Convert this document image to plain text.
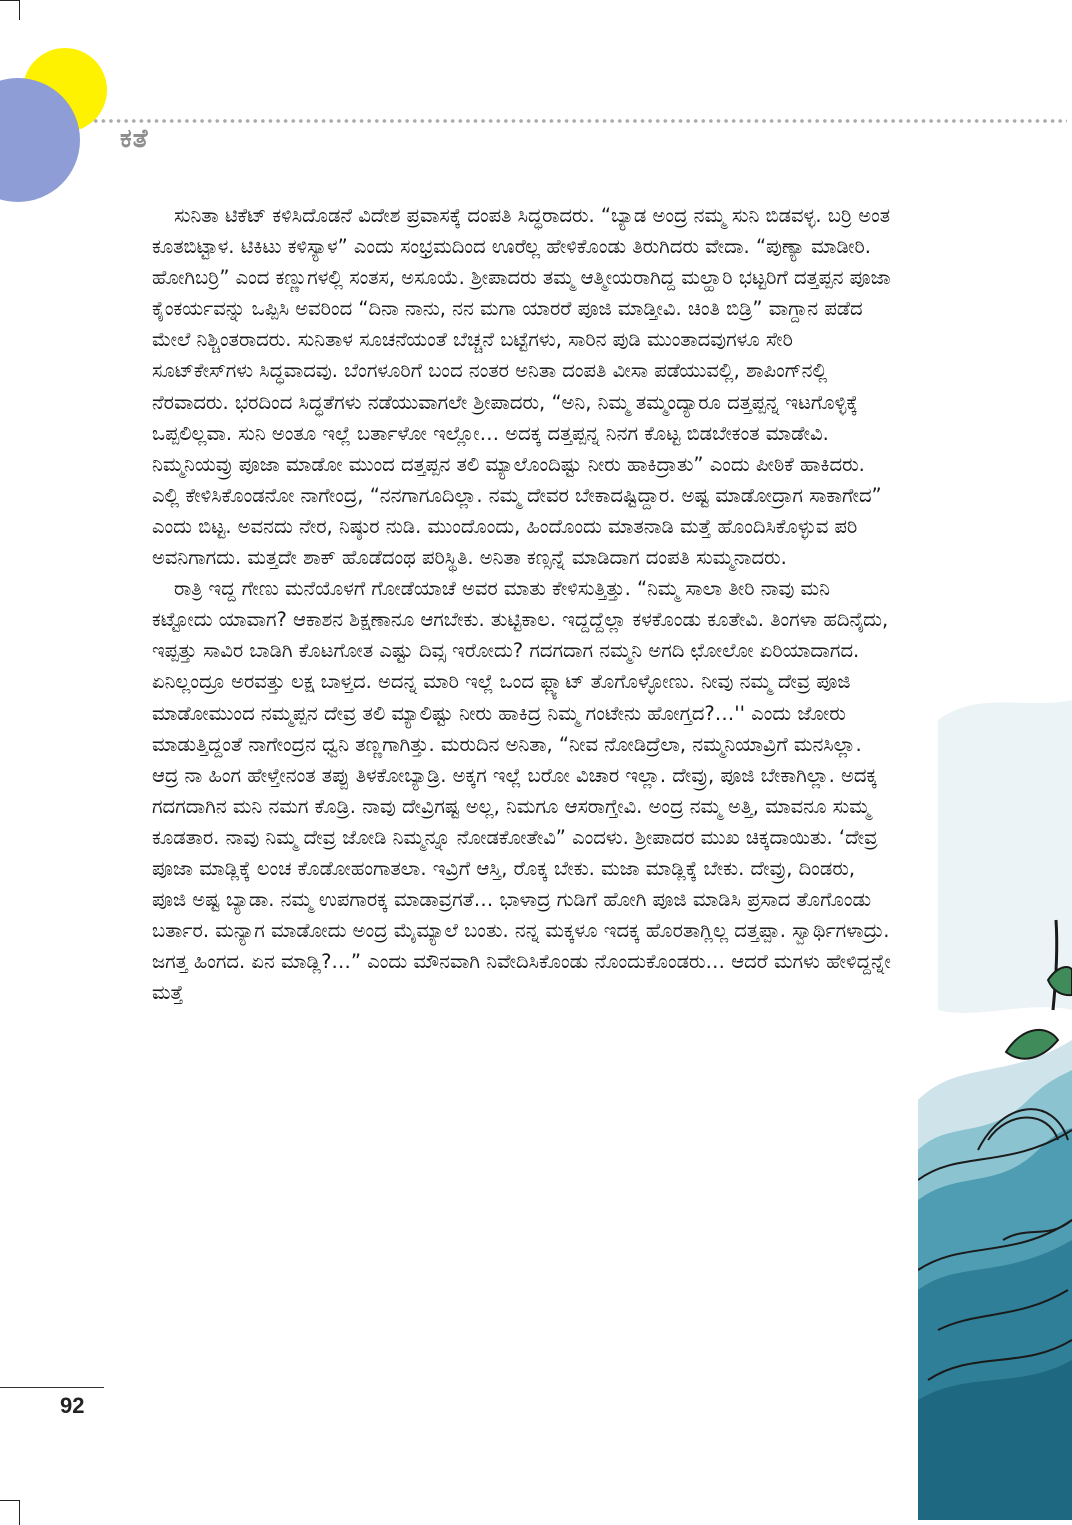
ಕತೆ

ಸುನಿತಾ ಟಿಕೆಟ್ ಕಳಿಸಿದೊಡನೆ ವಿದೇಶ ಪ್ರವಾಸಕ್ಕೆ ದಂಪತಿ ಸಿದ್ಧರಾದರು. “ಬ್ಯಾಡ ಅಂದ್ರ ನಮ್ಮ ಸುನಿ ಬಿಡವಳ್ಳ. ಬರ್ರಿ ಅಂತ ಕೂತಬಿಟ್ಟಾಳ. ಟಿಕಿಟು ಕಳಿಸ್ಯಾಳ” ಎಂದು ಸಂಭ್ರಮದಿಂದ ಊರೆಲ್ಲ ಹೇಳಿಕೊಂಡು ತಿರುಗಿದರು ವೇದಾ. “ಪುಣ್ಯಾ ಮಾಡೀರಿ. ಹೋಗಿಬರ್ರಿ” ಎಂದ ಕಣ್ಣುಗಳಲ್ಲಿ ಸಂತಸ, ಅಸೂಯೆ. ಶ್ರೀಪಾದರು ತಮ್ಮ ಆತ್ಮೀಯರಾಗಿದ್ದ ಮಲ್ಹಾರಿ ಭಟ್ಟರಿಗೆ ದತ್ತಪ್ಪನ ಪೂಜಾ ಕೈಂಕರ್ಯವನ್ನು ಒಪ್ಪಿಸಿ ಅವರಿಂದ “ದಿನಾ ನಾನು, ನನ ಮಗಾ ಯಾರರೆ ಪೂಜಿ ಮಾಡ್ತೀವಿ. ಚಿಂತಿ ಬಿಡ್ರಿ” ವಾಗ್ದಾನ ಪಡೆದ ಮೇಲೆ ನಿಶ್ಚಿಂತರಾದರು. ಸುನಿತಾಳ ಸೂಚನೆಯಂತೆ ಬೆಚ್ಚನೆ ಬಟ್ಟೆಗಳು, ಸಾರಿನ ಪುಡಿ ಮುಂತಾದವುಗಳೂ ಸೇರಿ ಸೂಟ್‌ಕೇಸ್‌ಗಳು ಸಿದ್ಧವಾದವು. ಬೆಂಗಳೂರಿಗೆ ಬಂದ ನಂತರ ಅನಿತಾ ದಂಪತಿ ವೀಸಾ ಪಡೆಯುವಲ್ಲಿ, ಶಾಪಿಂಗ್‌ನಲ್ಲಿ ನೆರವಾದರು. ಭರದಿಂದ ಸಿದ್ಧತೆಗಳು ನಡೆಯುವಾಗಲೇ ಶ್ರೀಪಾದರು, “ಅನಿ, ನಿಮ್ಮ ತಮ್ಮಂದ್ಯಾರೂ ದತ್ತಪ್ಪನ್ನ ಇಟಗೊಳ್ಳಿಕ್ಕೆ ಒಪ್ಪಲಿಲ್ಲವಾ. ಸುನಿ ಅಂತೂ ಇಲ್ಲೆ ಬರ್ತಾಳೋ ಇಲ್ಲೋ… ಅದಕ್ಕ ದತ್ತಪ್ಪನ್ನ ನಿನಗ ಕೊಟ್ಟ ಬಿಡಬೇಕಂತ ಮಾಡೇವಿ. ನಿಮ್ಮನಿಯವ್ರು ಪೂಜಾ ಮಾಡೋ ಮುಂದ ದತ್ತಪ್ಪನ ತಲಿ ಮ್ಯಾಲೊಂದಿಷ್ಟು ನೀರು ಹಾಕಿದ್ರಾತು” ಎಂದು ಪೀಠಿಕೆ ಹಾಕಿದರು. ಎಲ್ಲಿ ಕೇಳಿಸಿಕೊಂಡನೋ ನಾಗೇಂದ್ರ, “ನನಗಾಗೂದಿಲ್ಲಾ. ನಮ್ಮ ದೇವರ ಬೇಕಾದಷ್ಟಿದ್ದಾರ. ಅಷ್ಟ ಮಾಡೋದ್ರಾಗ ಸಾಕಾಗೇದ” ಎಂದು ಬಿಟ್ಟ. ಅವನದು ನೇರ, ನಿಷ್ಠುರ ನುಡಿ. ಮುಂದೊಂದು, ಹಿಂದೊಂದು ಮಾತನಾಡಿ ಮತ್ತೆ ಹೊಂದಿಸಿಕೊಳ್ಳುವ ಪರಿ ಅವನಿಗಾಗದು. ಮತ್ತದೇ ಶಾಕ್ ಹೊಡೆದಂಥ ಪರಿಸ್ಥಿತಿ. ಅನಿತಾ ಕಣ್ಸನ್ನೆ ಮಾಡಿದಾಗ ದಂಪತಿ ಸುಮ್ಮನಾದರು.

ರಾತ್ರಿ ಇದ್ದ ಗೇಣು ಮನೆಯೊಳಗೆ ಗೋಡೆಯಾಚೆ ಅವರ ಮಾತು ಕೇಳಿಸುತ್ತಿತ್ತು. “ನಿಮ್ಮ ಸಾಲಾ ತೀರಿ ನಾವು ಮನಿ ಕಟ್ಟೋದು ಯಾವಾಗ? ಆಕಾಶನ ಶಿಕ್ಷಣಾನೂ ಆಗಬೇಕು. ತುಟ್ಟಿಕಾಲ. ಇದ್ದದ್ದೆಲ್ಲಾ ಕಳಕೊಂಡು ಕೂತೇವಿ. ತಿಂಗಳಾ ಹದಿನೈದು, ಇಪ್ಪತ್ತು ಸಾವಿರ ಬಾಡಿಗಿ ಕೊಟಗೋತ ಎಷ್ಟು ದಿವ್ಸ ಇರೋದು? ಗದಗದಾಗ ನಮ್ಮನಿ ಅಗದಿ ಛೋಲೋ ಏರಿಯಾದಾಗದ. ಏನಿಲ್ಲಂದ್ರೂ ಅರವತ್ತು ಲಕ್ಷ ಬಾಳ್ತದ. ಅದನ್ನ ಮಾರಿ ಇಲ್ಲೆ ಒಂದ ಫ್ಲ್ಯಾಟ್ ತೊಗೊಳ್ಳೋಣು. ನೀವು ನಮ್ಮ ದೇವ್ರ ಪೂಜಿ ಮಾಡೋಮುಂದ ನಮ್ಮಪ್ಪನ ದೇವ್ರ ತಲಿ ಮ್ಯಾಲಿಷ್ಟು ನೀರು ಹಾಕಿದ್ರ ನಿಮ್ಮ ಗಂಟೇನು ಹೋಗ್ತದ?…'' ಎಂದು ಜೋರು ಮಾಡುತ್ತಿದ್ದಂತೆ ನಾಗೇಂದ್ರನ ಧ್ವನಿ ತಣ್ಣಗಾಗಿತ್ತು. ಮರುದಿನ ಅನಿತಾ, “ನೀವ ನೋಡಿದ್ರೆಲಾ, ನಮ್ಮನಿಯಾವ್ರಿಗೆ ಮನಸಿಲ್ಲಾ. ಆದ್ರ ನಾ ಹಿಂಗ ಹೇಳ್ತೇನಂತ ತಪ್ಪು ತಿಳಕೋಬ್ಯಾಡ್ರಿ. ಅಕ್ಕಗ ಇಲ್ಲೆ ಬರೋ ವಿಚಾರ ಇಲ್ಲಾ. ದೇವ್ರು, ಪೂಜಿ ಬೇಕಾಗಿಲ್ಲಾ. ಅದಕ್ಕ ಗದಗದಾಗಿನ ಮನಿ ನಮಗ ಕೊಡ್ರಿ. ನಾವು ದೇವ್ರಿಗಷ್ಟ ಅಲ್ಲ, ನಿಮಗೂ ಆಸರಾಗ್ತೇವಿ. ಅಂದ್ರ ನಮ್ಮ ಅತ್ತಿ, ಮಾವನೂ ಸುಮ್ಮ ಕೂಡತಾರ. ನಾವು ನಿಮ್ಮ ದೇವ್ರ ಜೋಡಿ ನಿಮ್ಮನ್ನೂ ನೋಡಕೋತೇವಿ” ಎಂದಳು. ಶ್ರೀಪಾದರ ಮುಖ ಚಿಕ್ಕದಾಯಿತು. ‘ದೇವ್ರ ಪೂಜಾ ಮಾಡ್ಲಿಕ್ಕೆ ಲಂಚ ಕೊಡೋಹಂಗಾತಲಾ. ಇವ್ರಿಗೆ ಆಸ್ತಿ, ರೊಕ್ಕ ಬೇಕು. ಮಜಾ ಮಾಡ್ಲಿಕ್ಕೆ ಬೇಕು. ದೇವ್ರು, ದಿಂಡರು, ಪೂಜಿ ಅಷ್ಟ ಬ್ಯಾಡಾ. ನಮ್ಮ ಉಪಗಾರಕ್ಕ ಮಾಡಾವ್ರಗತೆ… ಭಾಳಾದ್ರ ಗುಡಿಗೆ ಹೋಗಿ ಪೂಜಿ ಮಾಡಿಸಿ ಪ್ರಸಾದ ತೊಗೊಂಡು ಬರ್ತಾರ. ಮನ್ಯಾಗ ಮಾಡೋದು ಅಂದ್ರ ಮೈಮ್ಯಾಲೆ ಬಂತು. ನನ್ನ ಮಕ್ಕಳೂ ಇದಕ್ಕ ಹೊರತಾಗ್ಲಿಲ್ಲ ದತ್ತಪ್ಪಾ. ಸ್ವಾರ್ಥಿಗಳಾದ್ರು. ಜಗತ್ತ ಹಿಂಗದ. ಏನ ಮಾಡ್ಲಿ?…” ಎಂದು ಮೌನವಾಗಿ ನಿವೇದಿಸಿಕೊಂಡು ನೊಂದುಕೊಂಡರು… ಆದರೆ ಮಗಳು ಹೇಳಿದ್ದನ್ನೇ ಮತ್ತೆ

92
